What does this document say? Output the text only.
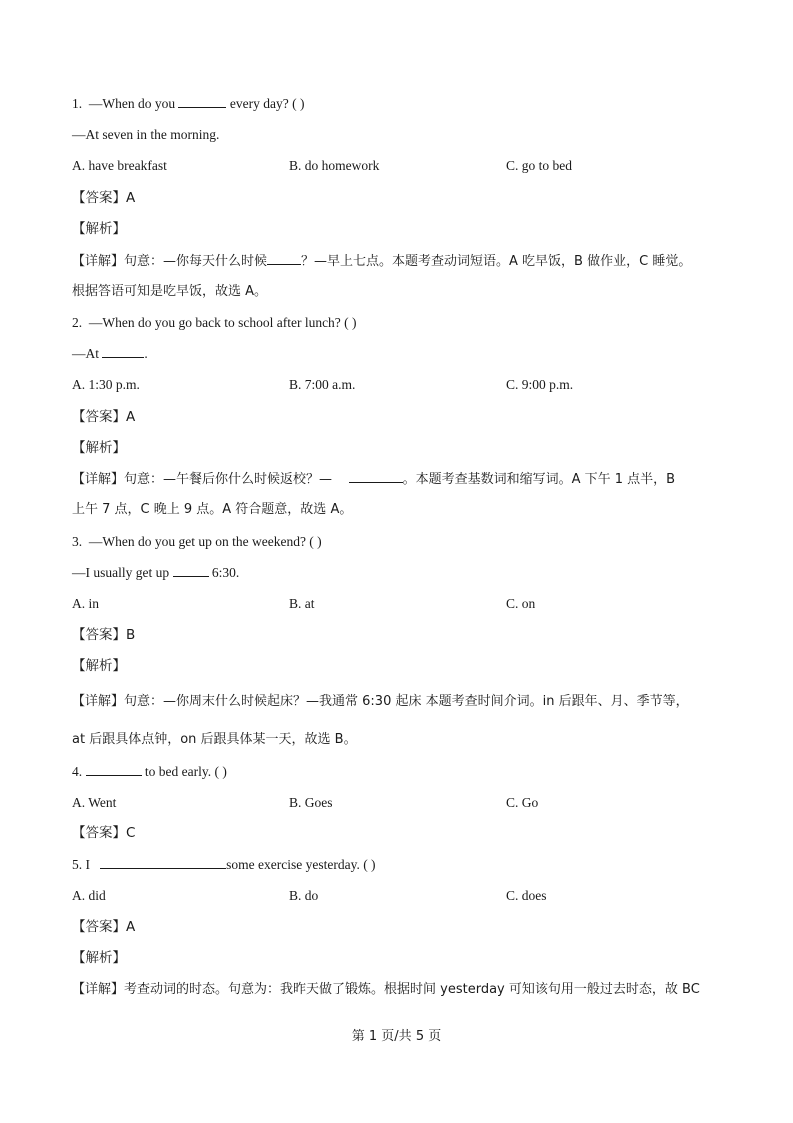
1. —When do you	every day? ( )
—At seven in the morning.
A. have breakfast	B. do homework	C. go to bed
【答案】A
【解析】
【详解】句意：—你每天什么时候	？—早上七点。本题考查动词短语。A 吃早饭，B 做作业，C 睡觉。
根据答语可知是吃早饭，故选 A。
2. —When do you go back to school after lunch? ( )
—At	.
A. 1:30 p.m.	B. 7:00 a.m.	C. 9:00 p.m.
【答案】A
【解析】
【详解】句意：—午餐后你什么时候返校？—	。本题考查基数词和缩写词。A 下午 1 点半，B
上午 7 点，C 晚上 9 点。A 符合题意，故选 A。
3. —When do you get up on the weekend? ( )
—I usually get up	6:30.
A. in	B. at	C. on
【答案】B
【解析】
【详解】句意：—你周末什么时候起床？—我通常 6:30 起床 本题考查时间介词。in 后跟年、月、季节等，
at 后跟具体点钟，on 后跟具体某一天，故选 B。
4.	to bed early. ( )
A. Went	B. Goes	C. Go
【答案】C
5. I	some exercise yesterday. ( )
A. did	B. do	C. does
【答案】A
【解析】
【详解】考查动词的时态。句意为：我昨天做了锻炼。根据时间 yesterday 可知该句用一般过去时态，故 BC
第 1 页/共 5 页
